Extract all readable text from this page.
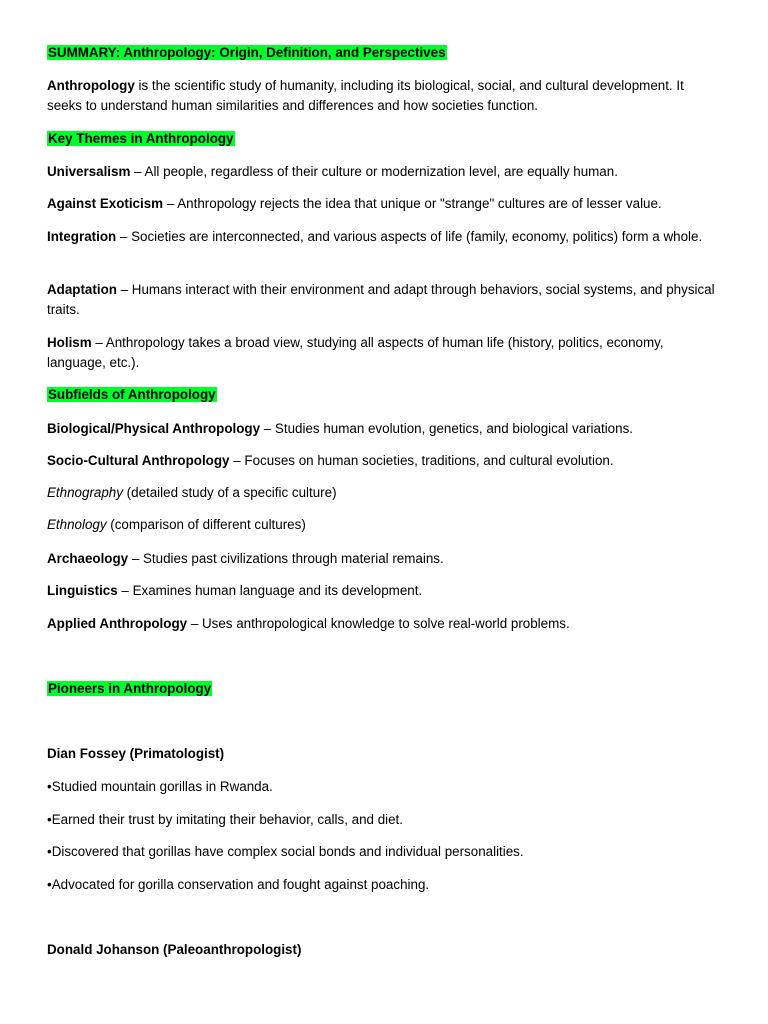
SUMMARY: Anthropology: Origin, Definition, and Perspectives

Anthropology is the scientific study of humanity, including its biological, social, and cultural development. It seeks to understand human similarities and differences and how societies function.

Key Themes in Anthropology

Universalism – All people, regardless of their culture or modernization level, are equally human.

Against Exoticism – Anthropology rejects the idea that unique or "strange" cultures are of lesser value.

Integration – Societies are interconnected, and various aspects of life (family, economy, politics) form a whole.

Adaptation – Humans interact with their environment and adapt through behaviors, social systems, and physical traits.

Holism – Anthropology takes a broad view, studying all aspects of human life (history, politics, economy, language, etc.).

Subfields of Anthropology

Biological/Physical Anthropology – Studies human evolution, genetics, and biological variations.

Socio-Cultural Anthropology – Focuses on human societies, traditions, and cultural evolution.

Ethnography (detailed study of a specific culture)

Ethnology (comparison of different cultures)

Archaeology – Studies past civilizations through material remains.

Linguistics – Examines human language and its development.

Applied Anthropology – Uses anthropological knowledge to solve real-world problems.

Pioneers in Anthropology

Dian Fossey (Primatologist)

•Studied mountain gorillas in Rwanda.

•Earned their trust by imitating their behavior, calls, and diet.

•Discovered that gorillas have complex social bonds and individual personalities.

•Advocated for gorilla conservation and fought against poaching.

Donald Johanson (Paleoanthropologist)
